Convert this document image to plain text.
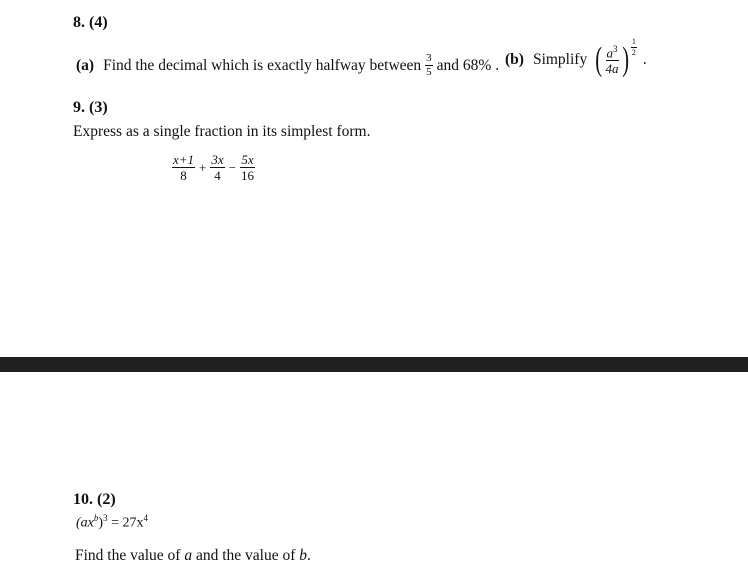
8. (4)
(a) Find the decimal which is exactly halfway between $\frac{3}{5}$ and 68% . (b) Simplify ( $\frac{a^3}{4a}$ ) $\frac{1}{2}$
.
9. (3)
Express as a single fraction in its simplest form.
$\frac{x+1}{8} + \frac{3x}{4} - \frac{5x}{16}$
10. (2)
$(ax^b)^3 = 27x^4$
Find the value of a and the value of b.
